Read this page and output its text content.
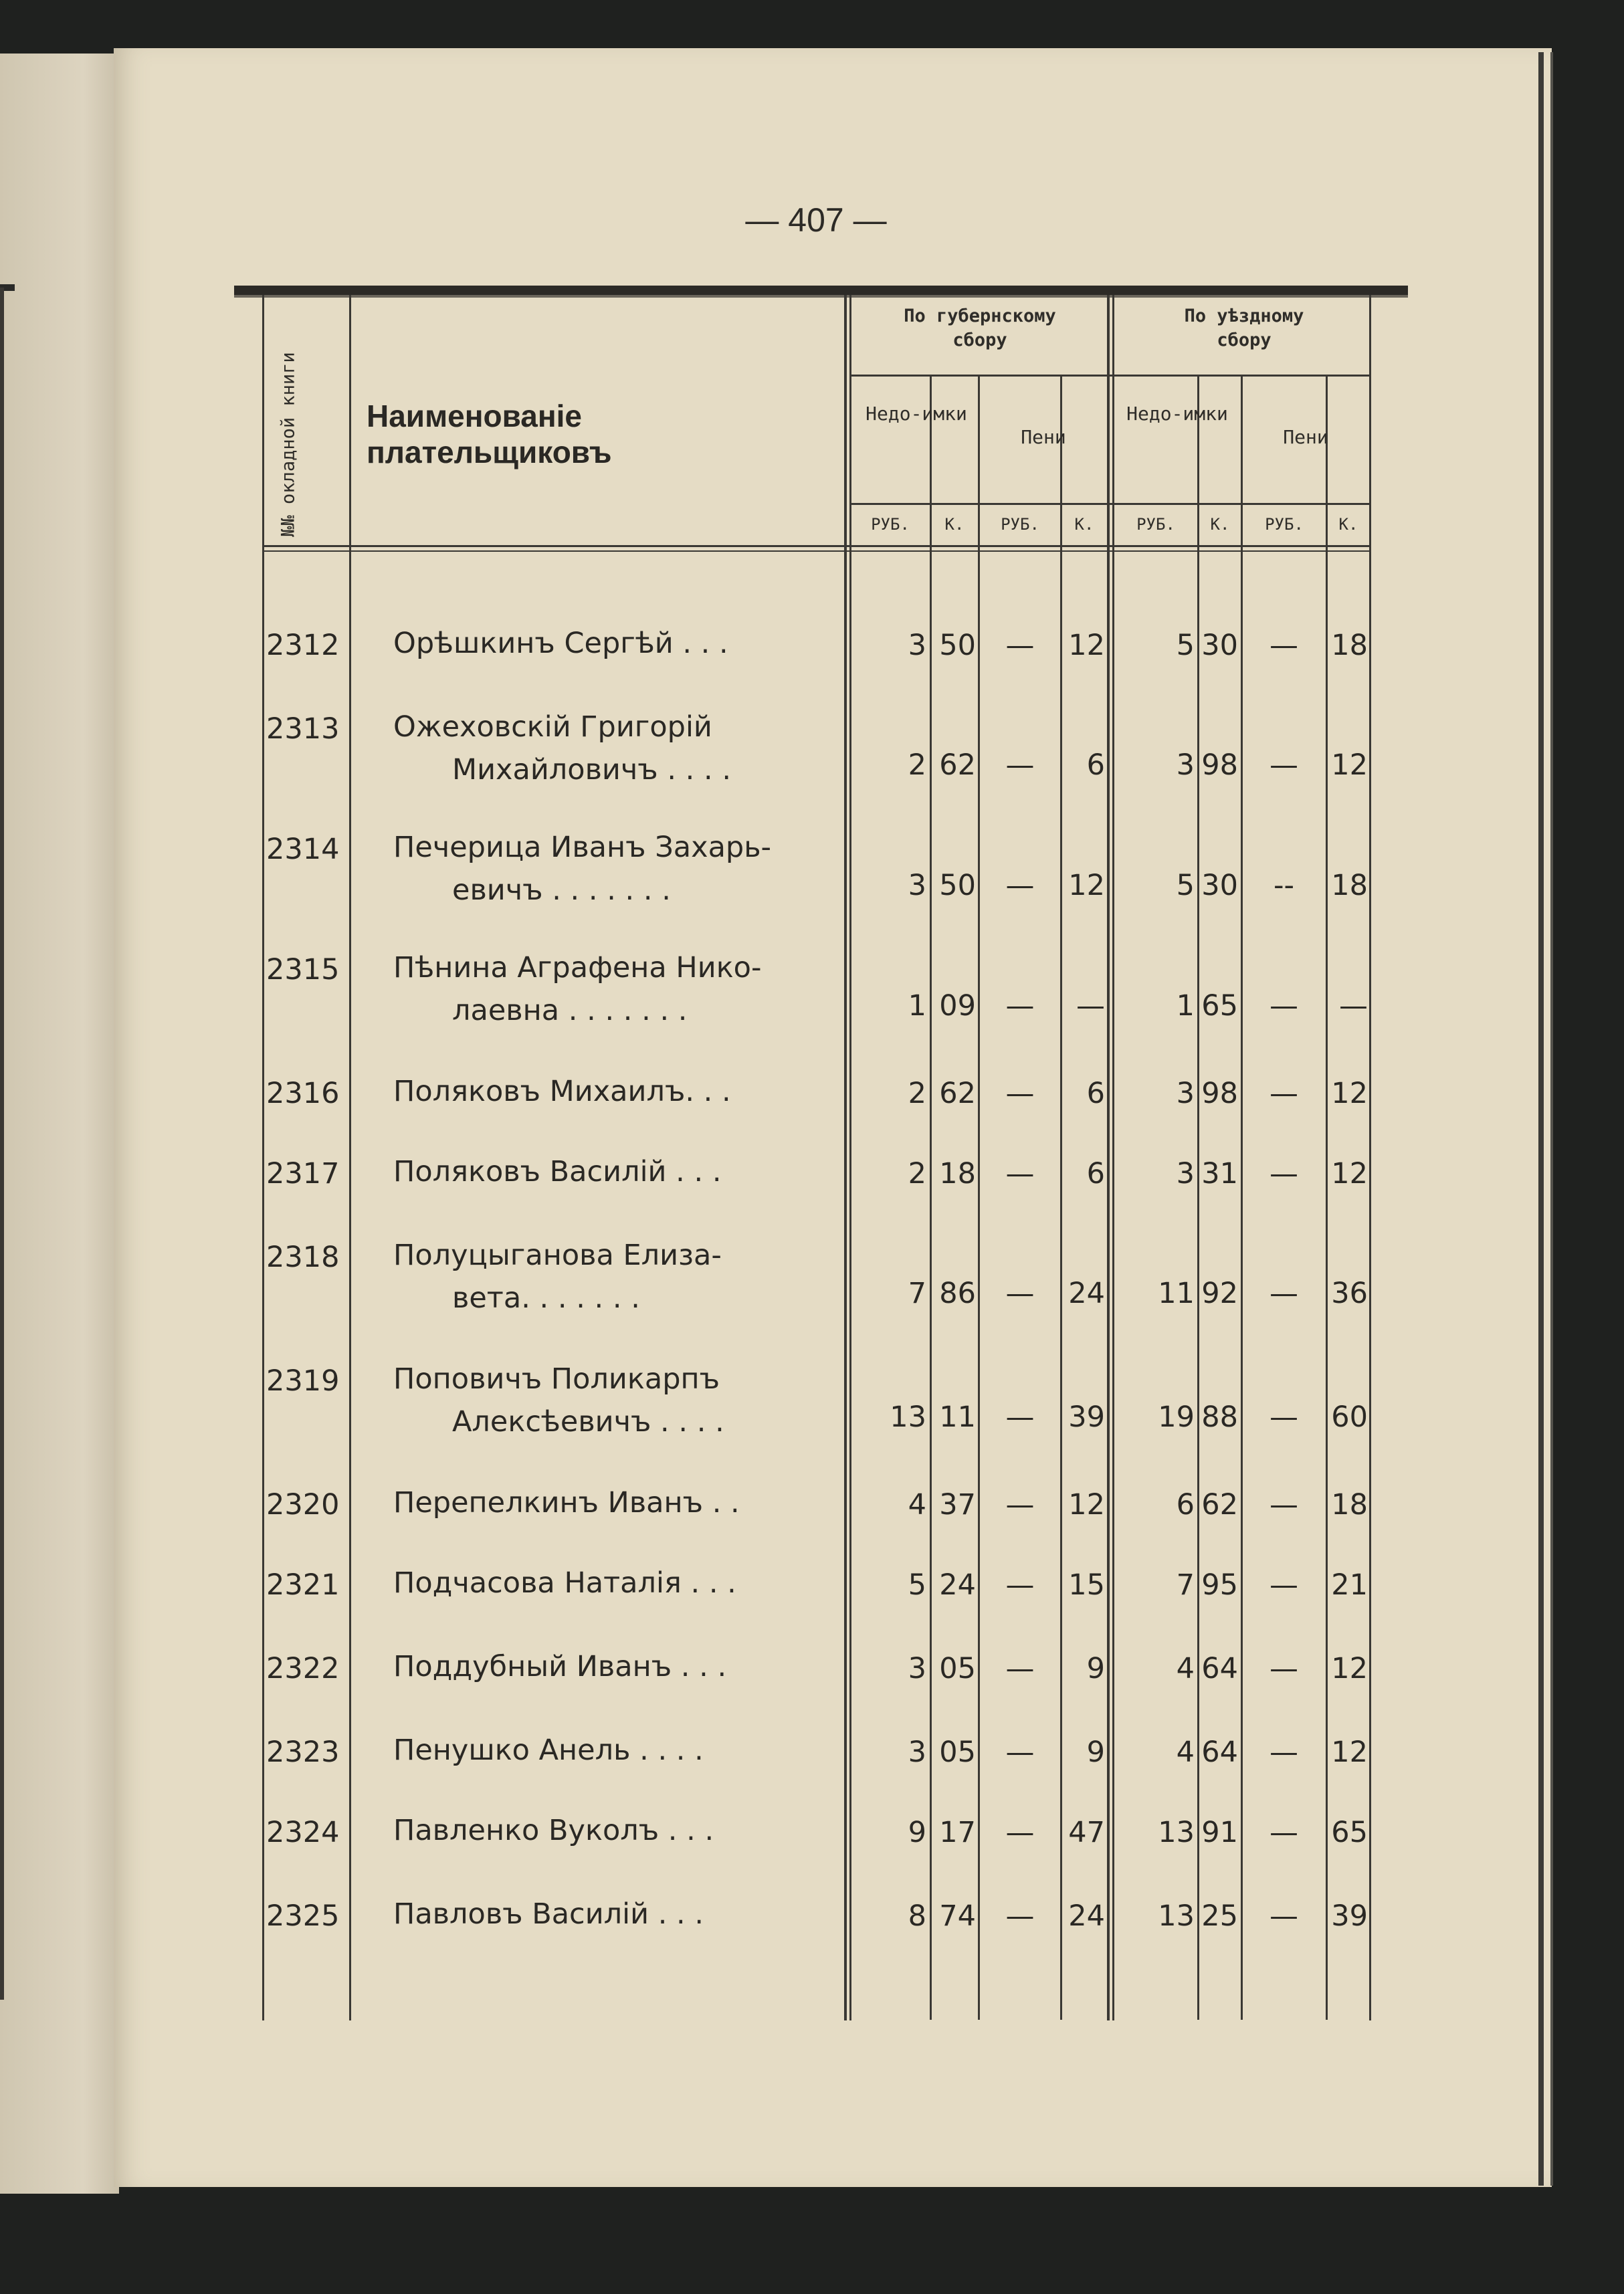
— 407 —
№№ окладной книги Наименованіе плательщиковъ
По губернскому сбору
По уѣздному сбору
Недо-имки
Пени
Недо-имки
Пени
РУБ.	К.	РУБ.	К.	РУБ.	К.	РУБ.	К.
2312 Орѣшкинъ Сергѣй . . .	3 50	—	12	5 30	—	18
2313 Ожеховскій Григорій
Михайловичъ . . . .	2 62	—	6	3 98	—	12
2314 Печерица Иванъ Захарь-
евичъ . . . . . . .	3 50	—	12	5 30	--	18
2315 Пѣнина Аграфена Нико-
лаевна . . . . . . .	1 09	—	—	1 65	—	—
2316 Поляковъ Михаилъ. . .	2 62	—	6	3 98	—	12
2317 Поляковъ Василій . . .	2 18	—	6	3 31	—	12
2318 Полуцыганова Елиза-
вета. . . . . . .	7 86	—	24	11 92	—	36
2319 Поповичъ Поликарпъ
Алексѣевичъ . . . .	13 11	—	39	19 88	—	60
2320 Перепелкинъ Иванъ . .	4 37	—	12	6 62	—	18
2321 Подчасова Наталія . . .	5 24	—	15	7 95	—	21
2322 Поддубный Иванъ . . .	3 05	—	9	4 64	—	12
2323 Пенушко Анель . . . .	3 05	—	9	4 64	—	12
2324 Павленко Вуколъ . . .	9 17	—	47	13 91	—	65
2325 Павловъ Василій . . .	8 74	—	24	13 25	—	39
